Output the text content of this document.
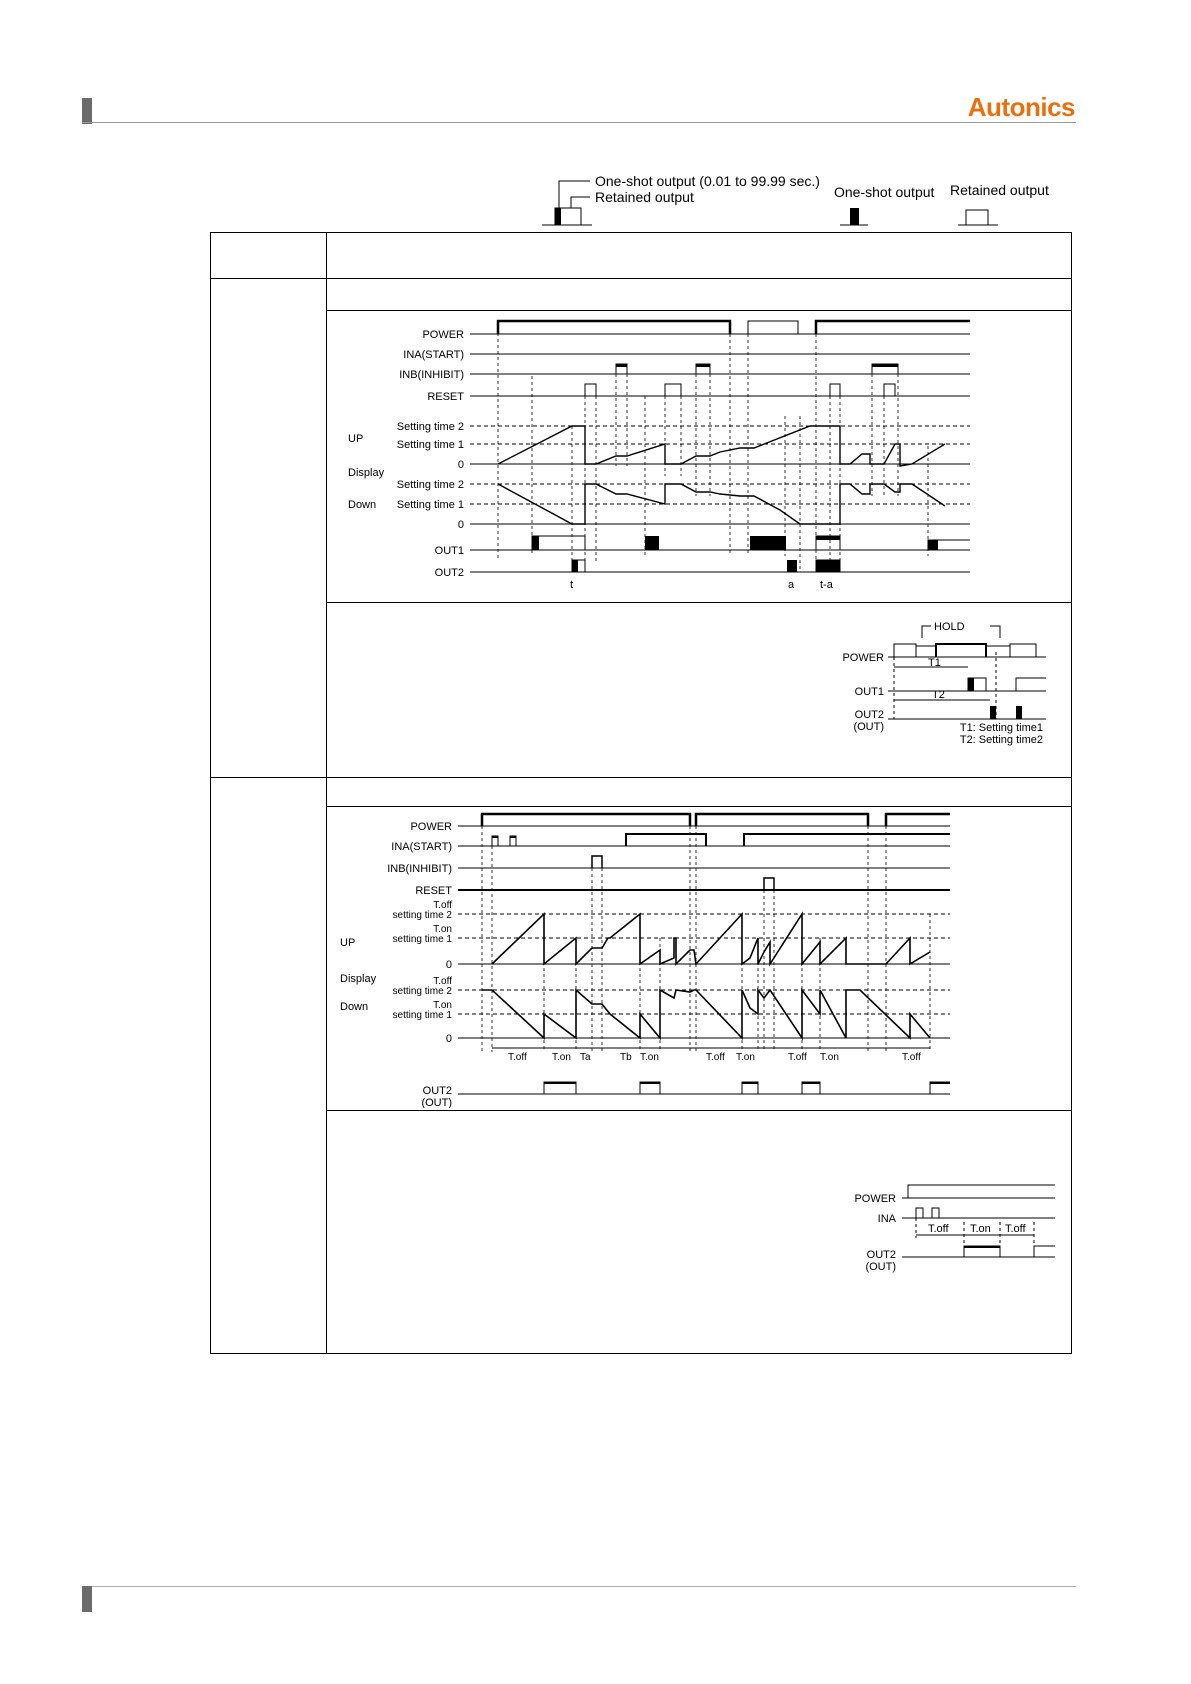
Autonics
One-shot output (0.01 to 99.99 sec.)
Retained output	One-shot output Retained output
POWER
INA(START)
INB(INHIBIT)
RESET
Setting time 2
Setting time 1
0
Setting time 2
Setting time 1
0
UP
Display
Down
OUT1
OUT2
t	a t-a
HOLD
POWER
OUT1
OUT2
(OUT)
T1
T2
T1: Setting time1
T2: Setting time2
POWER
INA(START)
INB(INHIBIT)
RESET
T.off
setting time 2
T.on
setting time 1
0
T.off
setting time 2
T.on
setting time 1
0
UP
Display
Down
T.off	T.on Ta	Tb T.on	T.off T.on	T.off T.on	T.off
OUT2
(OUT)
POWER
INA
T.off T.on T.off
OUT2
(OUT)
